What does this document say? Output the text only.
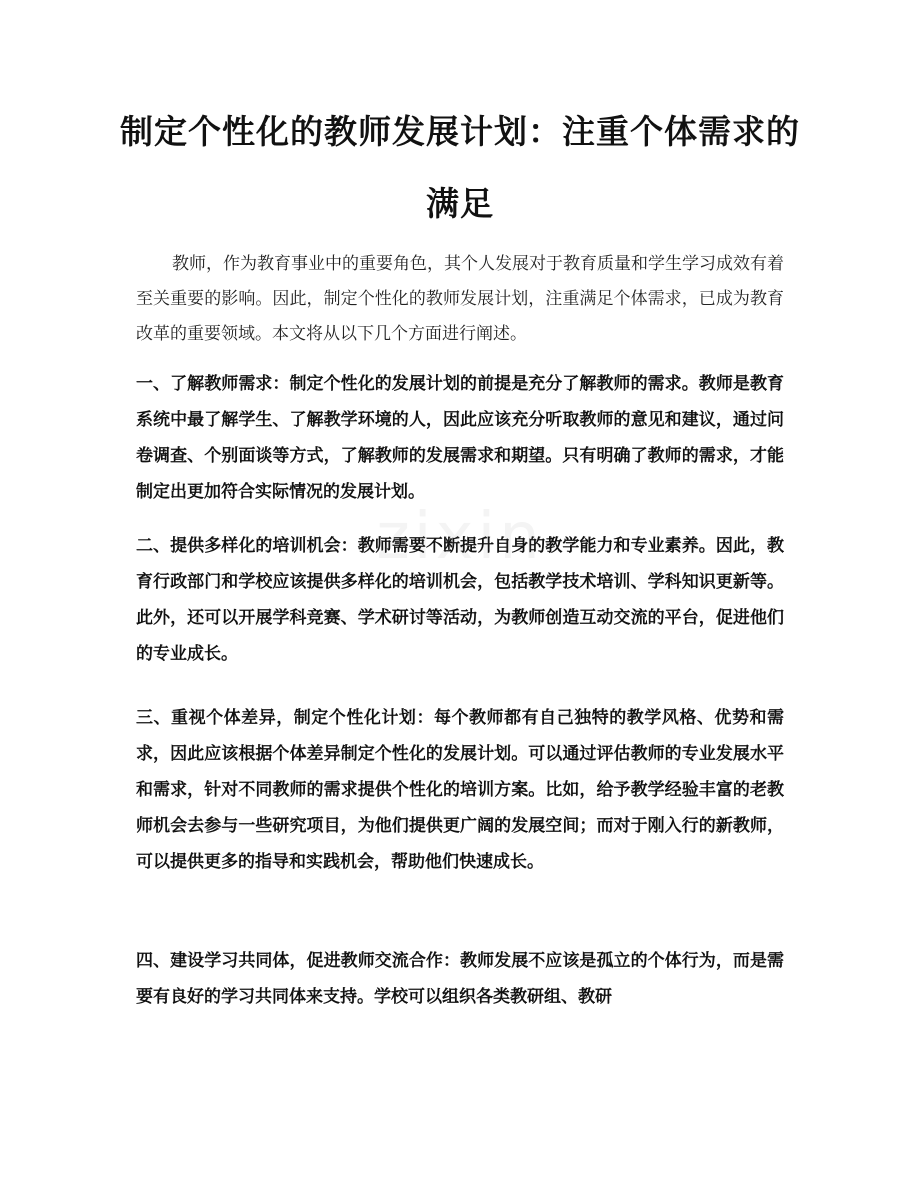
制定个性化的教师发展计划：注重个体需求的满足

教师，作为教育事业中的重要角色，其个人发展对于教育质量和学生学习成效有着至关重要的影响。因此，制定个性化的教师发展计划，注重满足个体需求，已成为教育改革的重要领域。本文将从以下几个方面进行阐述。

一、了解教师需求：制定个性化的发展计划的前提是充分了解教师的需求。教师是教育系统中最了解学生、了解教学环境的人，因此应该充分听取教师的意见和建议，通过问卷调查、个别面谈等方式，了解教师的发展需求和期望。只有明确了教师的需求，才能制定出更加符合实际情况的发展计划。

二、提供多样化的培训机会：教师需要不断提升自身的教学能力和专业素养。因此，教育行政部门和学校应该提供多样化的培训机会，包括教学技术培训、学科知识更新等。此外，还可以开展学科竞赛、学术研讨等活动，为教师创造互动交流的平台，促进他们的专业成长。

三、重视个体差异，制定个性化计划：每个教师都有自己独特的教学风格、优势和需求，因此应该根据个体差异制定个性化的发展计划。可以通过评估教师的专业发展水平和需求，针对不同教师的需求提供个性化的培训方案。比如，给予教学经验丰富的老教师机会去参与一些研究项目，为他们提供更广阔的发展空间；而对于刚入行的新教师，可以提供更多的指导和实践机会，帮助他们快速成长。

四、建设学习共同体，促进教师交流合作：教师发展不应该是孤立的个体行为，而是需要有良好的学习共同体来支持。学校可以组织各类教研组、教研

zixin
